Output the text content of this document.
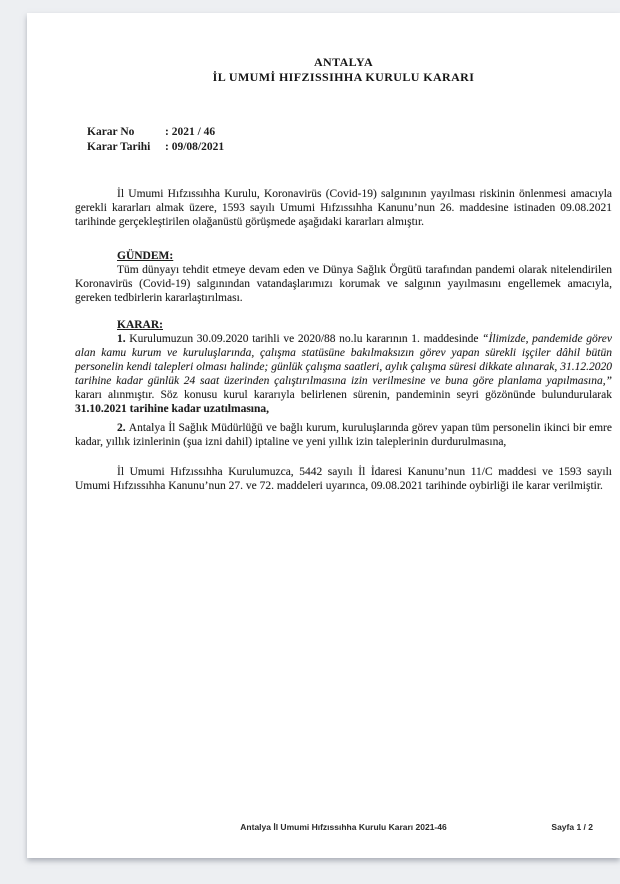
ANTALYA
İL UMUMİ HIFZISSIHHA KURULU KARARI
Karar No	: 2021 / 46
Karar Tarihi : 09/08/2021

İl Umumi Hıfzıssıhha Kurulu, Koronavirüs (Covid-19) salgınının yayılması riskinin önlenmesi amacıyla gerekli kararları almak üzere, 1593 sayılı Umumi Hıfzıssıhha Kanunu’nun 26. maddesine istinaden 09.08.2021 tarihinde gerçekleştirilen olağanüstü görüşmede aşağıdaki kararları almıştır.

GÜNDEM:

Tüm dünyayı tehdit etmeye devam eden ve Dünya Sağlık Örgütü tarafından pandemi olarak nitelendirilen Koronavirüs (Covid-19) salgınından vatandaşlarımızı korumak ve salgının yayılmasını engellemek amacıyla, gereken tedbirlerin kararlaştırılması.

KARAR:

1. Kurulumuzun 30.09.2020 tarihli ve 2020/88 no.lu kararının 1. maddesinde “İlimizde, pandemide görev alan kamu kurum ve kuruluşlarında, çalışma statüsüne bakılmaksızın görev yapan sürekli işçiler dâhil bütün personelin kendi talepleri olması halinde; günlük çalışma saatleri, aylık çalışma süresi dikkate alınarak, 31.12.2020 tarihine kadar günlük 24 saat üzerinden çalıştırılmasına izin verilmesine ve buna göre planlama yapılmasına,” kararı alınmıştır. Söz konusu kurul kararıyla belirlenen sürenin, pandeminin seyri gözönünde bulundurularak 31.10.2021 tarihine kadar uzatılmasına,

2. Antalya İl Sağlık Müdürlüğü ve bağlı kurum, kuruluşlarında görev yapan tüm personelin ikinci bir emre kadar, yıllık izinlerinin (şua izni dahil) iptaline ve yeni yıllık izin taleplerinin durdurulmasına,

İl Umumi Hıfzıssıhha Kurulumuzca, 5442 sayılı İl İdaresi Kanunu’nun 11/C maddesi ve 1593 sayılı Umumi Hıfzıssıhha Kanunu’nun 27. ve 72. maddeleri uyarınca, 09.08.2021 tarihinde oybirliği ile karar verilmiştir.

Antalya İl Umumi Hıfzıssıhha Kurulu Kararı 2021-46	Sayfa 1 / 2
